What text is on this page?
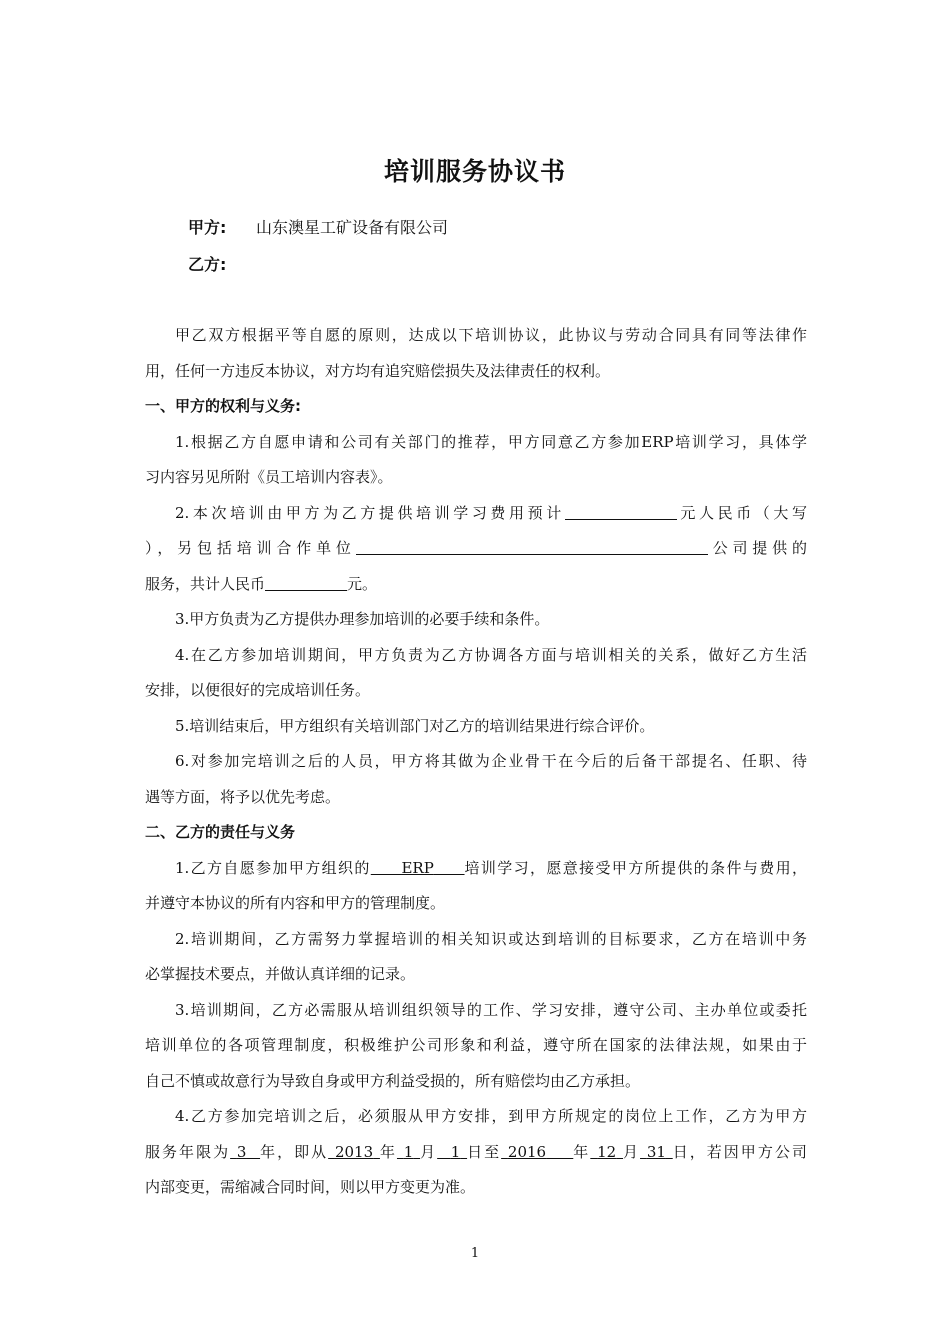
培训服务协议书
甲方: 山东澳星工矿设备有限公司
乙方:

甲乙双方根据平等自愿的原则，达成以下培训协议，此协议与劳动合同具有同等法律作

用，任何一方违反本协议，对方均有追究赔偿损失及法律责任的权利。

一、甲方的权利与义务:

1.根据乙方自愿申请和公司有关部门的推荐，甲方同意乙方参加ERP培训学习，具体学

习内容另见所附《员工培训内容表》。

2.本次培训由甲方为乙方提供培训学习费用预计	元人民币（大写

），另包括培训合作单位	公司提供的

服务，共计人民币	元。

3.甲方负责为乙方提供办理参加培训的必要手续和条件。

4.在乙方参加培训期间，甲方负责为乙方协调各方面与培训相关的关系，做好乙方生活

安排，以便很好的完成培训任务。

5.培训结束后，甲方组织有关培训部门对乙方的培训结果进行综合评价。

6.对参加完培训之后的人员，甲方将其做为企业骨干在今后的后备干部提名、任职、待

遇等方面，将予以优先考虑。

二、乙方的责任与义务

1.乙方自愿参加甲方组织的 ERP 培训学习，愿意接受甲方所提供的条件与费用，

并遵守本协议的所有内容和甲方的管理制度。

2.培训期间，乙方需努力掌握培训的相关知识或达到培训的目标要求，乙方在培训中务

必掌握技术要点，并做认真详细的记录。

3.培训期间，乙方必需服从培训组织领导的工作、学习安排，遵守公司、主办单位或委托

培训单位的各项管理制度，积极维护公司形象和利益，遵守所在国家的法律法规，如果由于

自己不慎或故意行为导致自身或甲方利益受损的，所有赔偿均由乙方承担。

4.乙方参加完培训之后，必须服从甲方安排，到甲方所规定的岗位上工作，乙方为甲方

服务年限为 3 年，即从 2013 年 1 月 1 日至 2016 年 12 月 31 日，若因甲方公司

内部变更，需缩减合同时间，则以甲方变更为准。

1
